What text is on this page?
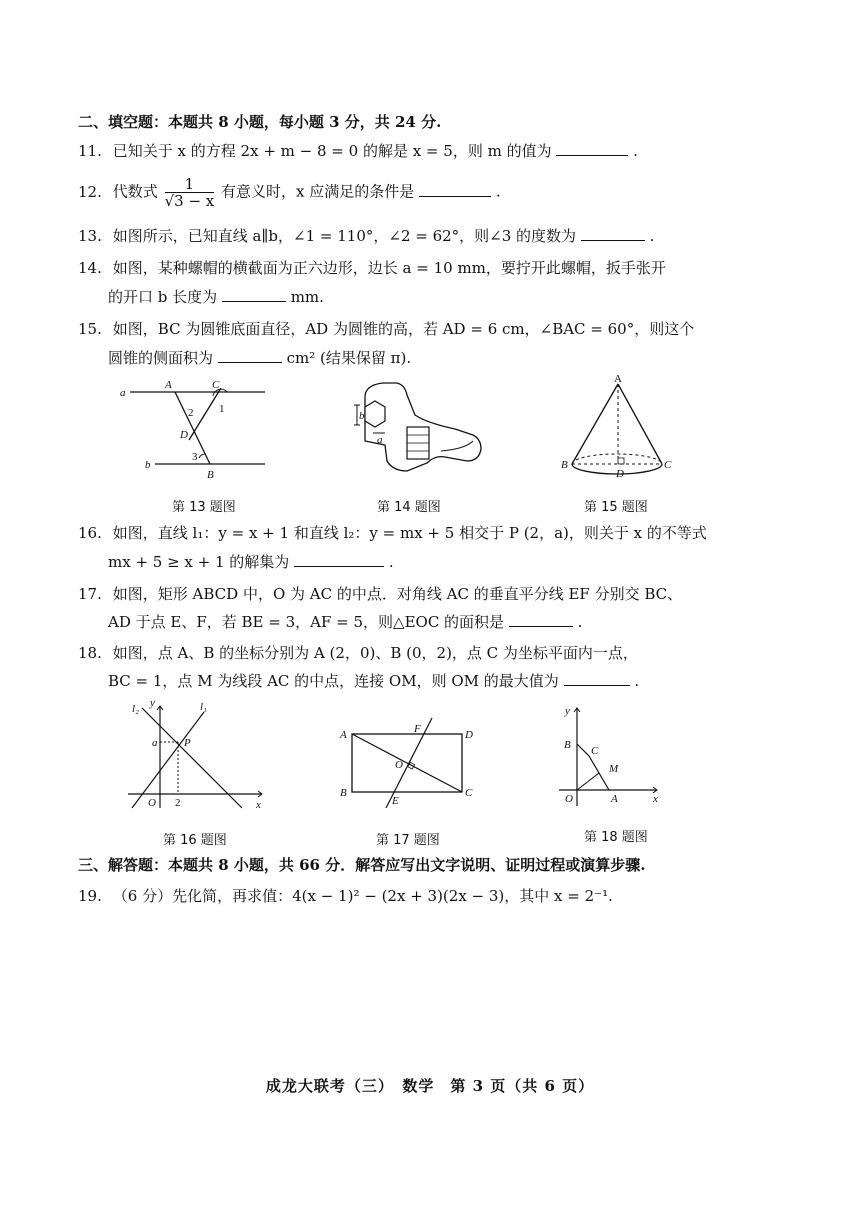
二、填空题：本题共 8 小题，每小题 3 分，共 24 分.
11. 已知关于 x 的方程 2x + m − 8 = 0 的解是 x = 5，则 m 的值为	.
12. 代数式 $\frac{1}{√3 - x}$ 有意义时，x 应满足的条件是	.
13. 如图所示，已知直线 a∥b，∠1 = 110°，∠2 = 62°，则∠3 的度数为	.
14. 如图，某种螺帽的横截面为正六边形，边长 a = 10 mm，要拧开此螺帽，扳手张开
的开口 b 长度为	mm.
15. 如图，BC 为圆锥底面直径，AD 为圆锥的高，若 AD = 6 cm，∠BAC = 60°，则这个
圆锥的侧面积为	cm² (结果保留 π).
a
b
A	C
D
B
1
2
3
b
a
A
B	C
D
第 13 题图	第 14 题图	第 15 题图
16. 如图，直线 l₁：y = x + 1 和直线 l₂：y = mx + 5 相交于 P (2，a)，则关于 x 的不等式
mx + 5 ≥ x + 1 的解集为	.
17. 如图，矩形 ABCD 中，O 为 AC 的中点．对角线 AC 的垂直平分线 EF 分别交 BC、
AD 于点 E、F，若 BE = 3，AF = 5，则△EOC 的面积是	.
18. 如图，点 A、B 的坐标分别为 A (2，0)、B (0，2)，点 C 为坐标平面内一点，
BC = 1，点 M 为线段 AC 的中点，连接 OM，则 OM 的最大值为	.
l₂	l₁
y
x
O
a P
2
A
B	C
D
F
E
O
y
x
O	A
B C
M
第 16 题图	第 17 题图	第 18 题图
三、解答题：本题共 8 小题，共 66 分．解答应写出文字说明、证明过程或演算步骤.
19. （6 分）先化简，再求值：4(x − 1)² − (2x + 3)(2x − 3)，其中 x = 2⁻¹.
成龙大联考（三）　数学　第 3 页（共 6 页）
